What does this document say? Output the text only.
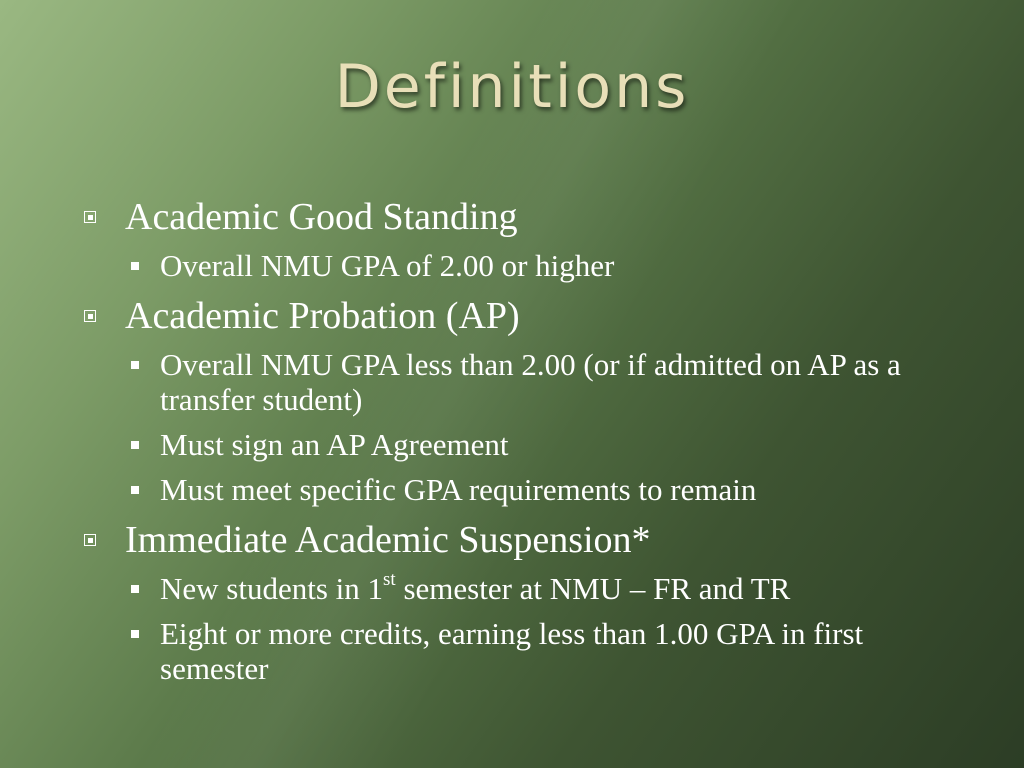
Definitions
Academic Good Standing
Overall NMU GPA of 2.00 or higher
Academic Probation (AP)
Overall NMU GPA less than 2.00 (or if admitted on AP as a transfer student)
Must sign an AP Agreement
Must meet specific GPA requirements to remain
Immediate Academic Suspension*
New students in 1st semester at NMU – FR and TR
Eight or more credits, earning less than 1.00 GPA in first semester
